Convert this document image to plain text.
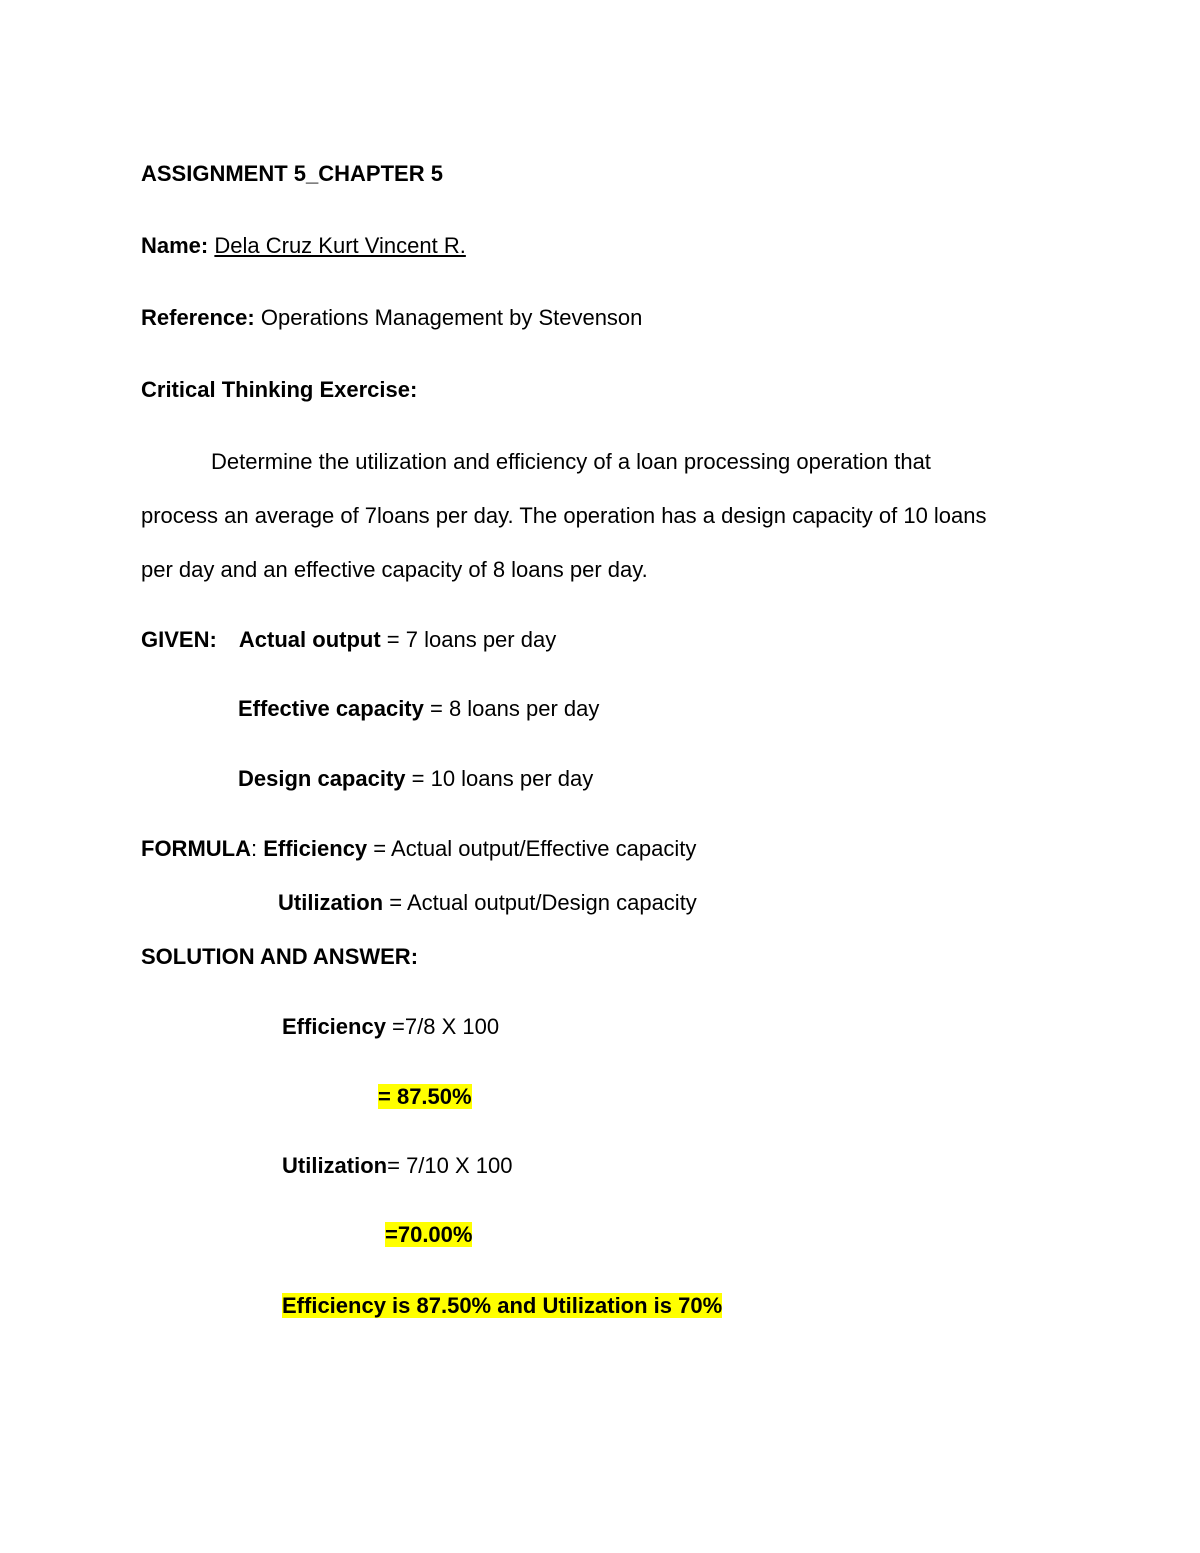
ASSIGNMENT 5_CHAPTER 5
Name: Dela Cruz Kurt Vincent R.
Reference: Operations Management by Stevenson
Critical Thinking Exercise:
Determine the utilization and efficiency of a loan processing operation that
process an average of 7loans per day. The operation has a design capacity of 10 loans
per day and an effective capacity of 8 loans per day.
GIVEN: Actual output = 7 loans per day
Effective capacity = 8 loans per day
Design capacity = 10 loans per day
FORMULA: Efficiency = Actual output/Effective capacity
Utilization = Actual output/Design capacity
SOLUTION AND ANSWER:
Efficiency =7/8 X 100
= 87.50%
Utilization= 7/10 X 100
=70.00%
Efficiency is 87.50% and Utilization is 70%
